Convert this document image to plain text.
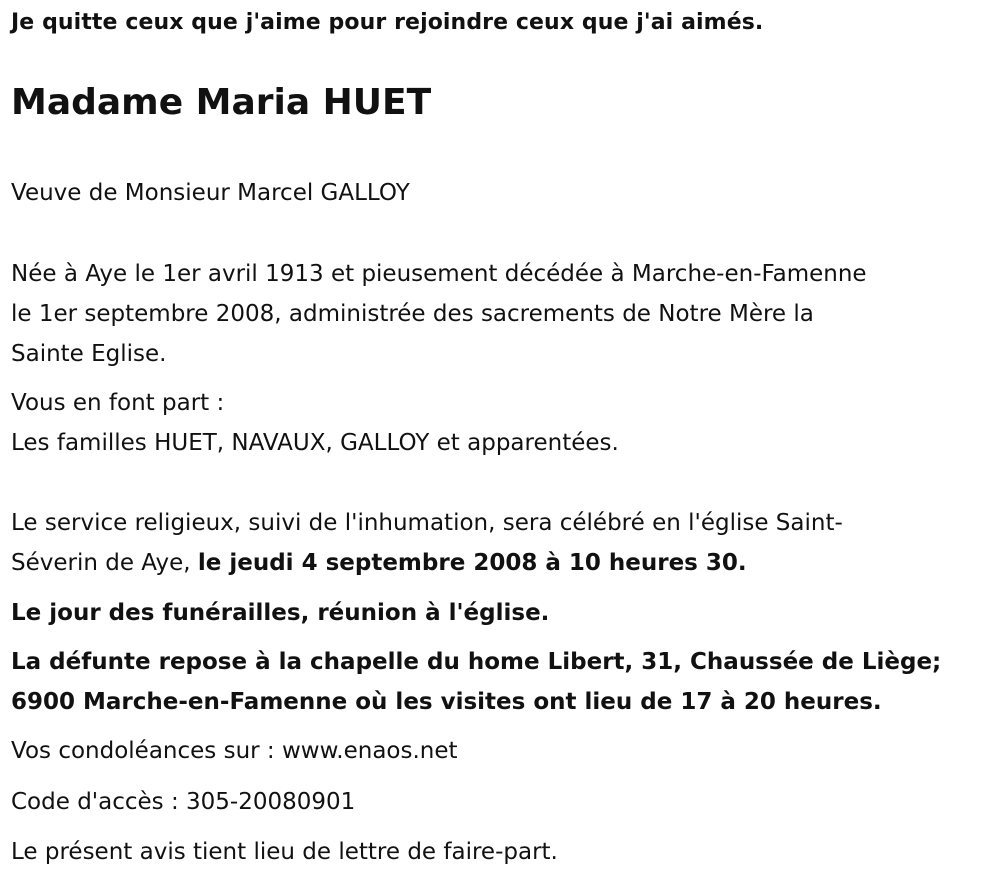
Je quitte ceux que j'aime pour rejoindre ceux que j'ai aimés.
Madame Maria HUET
Veuve de Monsieur Marcel GALLOY
Née à Aye le 1er avril 1913 et pieusement décédée à Marche-en-Famenne
le 1er septembre 2008, administrée des sacrements de Notre Mère la
Sainte Eglise.
Vous en font part :
Les familles HUET, NAVAUX, GALLOY et apparentées.
Le service religieux, suivi de l'inhumation, sera célébré en l'église Saint-
Séverin de Aye, le jeudi 4 septembre 2008 à 10 heures 30.
Le jour des funérailles, réunion à l'église.
La défunte repose à la chapelle du home Libert, 31, Chaussée de Liège;
6900 Marche-en-Famenne où les visites ont lieu de 17 à 20 heures.
Vos condoléances sur : www.enaos.net
Code d'accès : 305-20080901
Le présent avis tient lieu de lettre de faire-part.
